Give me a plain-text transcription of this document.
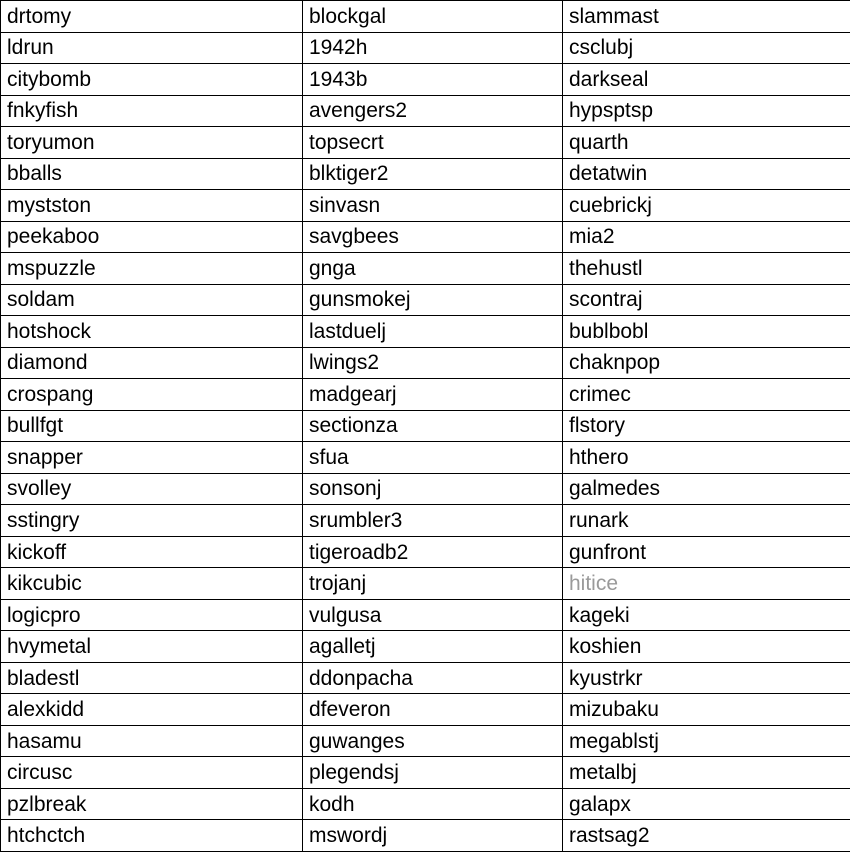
drtomy	blockgal	slammast
ldrun	1942h	csclubj
citybomb	1943b	darkseal
fnkyfish	avengers2	hypsptsp
toryumon	topsecrt	quarth
bballs	blktiger2	detatwin
mystston	sinvasn	cuebrickj
peekaboo	savgbees	mia2
mspuzzle	gnga	thehustl
soldam	gunsmokej	scontraj
hotshock	lastduelj	bublbobl
diamond	lwings2	chaknpop
crospang	madgearj	crimec
bullfgt	sectionza	flstory
snapper	sfua	hthero
svolley	sonsonj	galmedes
sstingry	srumbler3	runark
kickoff	tigeroadb2	gunfront
kikcubic	trojanj	hitice
logicpro	vulgusa	kageki
hvymetal	agalletj	koshien
bladestl	ddonpacha	kyustrkr
alexkidd	dfeveron	mizubaku
hasamu	guwanges	megablstj
circusc	plegendsj	metalbj
pzlbreak	kodh	galapx
htchctch	mswordj	rastsag2
